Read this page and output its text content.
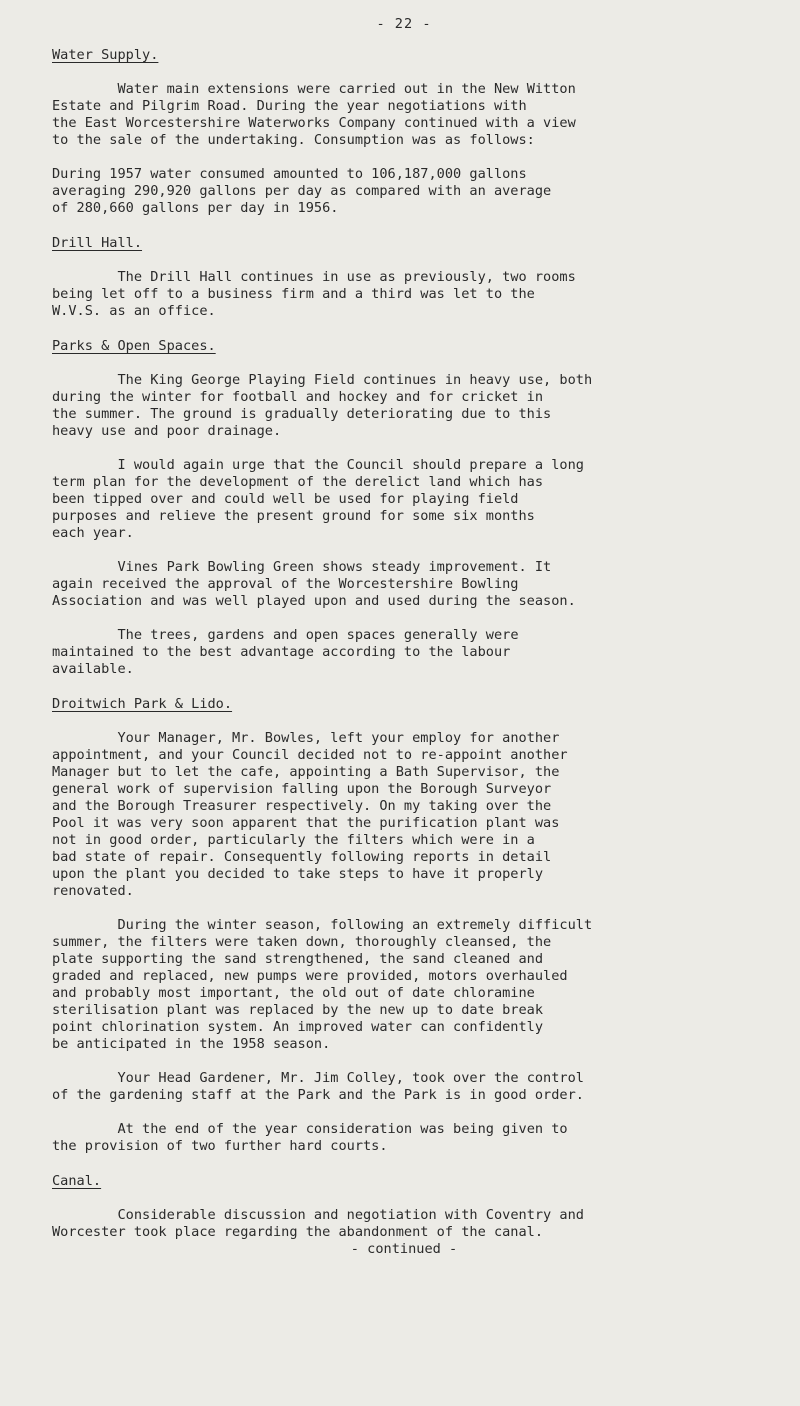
- 22 -
Water Supply.

Water main extensions were carried out in the New Witton
Estate and Pilgrim Road. During the year negotiations with
the East Worcestershire Waterworks Company continued with a view
to the sale of the undertaking. Consumption was as follows:

During 1957 water consumed amounted to 106,187,000 gallons
averaging 290,920 gallons per day as compared with an average
of 280,660 gallons per day in 1956.

Drill Hall.

The Drill Hall continues in use as previously, two rooms
being let off to a business firm and a third was let to the
W.V.S. as an office.

Parks & Open Spaces.

The King George Playing Field continues in heavy use, both
during the winter for football and hockey and for cricket in
the summer. The ground is gradually deteriorating due to this
heavy use and poor drainage.

I would again urge that the Council should prepare a long
term plan for the development of the derelict land which has
been tipped over and could well be used for playing field
purposes and relieve the present ground for some six months
each year.

Vines Park Bowling Green shows steady improvement. It
again received the approval of the Worcestershire Bowling
Association and was well played upon and used during the season.

The trees, gardens and open spaces generally were
maintained to the best advantage according to the labour
available.

Droitwich Park & Lido.

Your Manager, Mr. Bowles, left your employ for another
appointment, and your Council decided not to re-appoint another
Manager but to let the cafe, appointing a Bath Supervisor, the
general work of supervision falling upon the Borough Surveyor
and the Borough Treasurer respectively. On my taking over the
Pool it was very soon apparent that the purification plant was
not in good order, particularly the filters which were in a
bad state of repair. Consequently following reports in detail
upon the plant you decided to take steps to have it properly
renovated.

During the winter season, following an extremely difficult
summer, the filters were taken down, thoroughly cleansed, the
plate supporting the sand strengthened, the sand cleaned and
graded and replaced, new pumps were provided, motors overhauled
and probably most important, the old out of date chloramine
sterilisation plant was replaced by the new up to date break
point chlorination system. An improved water can confidently
be anticipated in the 1958 season.

Your Head Gardener, Mr. Jim Colley, took over the control
of the gardening staff at the Park and the Park is in good order.

At the end of the year consideration was being given to
the provision of two further hard courts.

Canal.

Considerable discussion and negotiation with Coventry and
Worcester took place regarding the abandonment of the canal.

- continued -
